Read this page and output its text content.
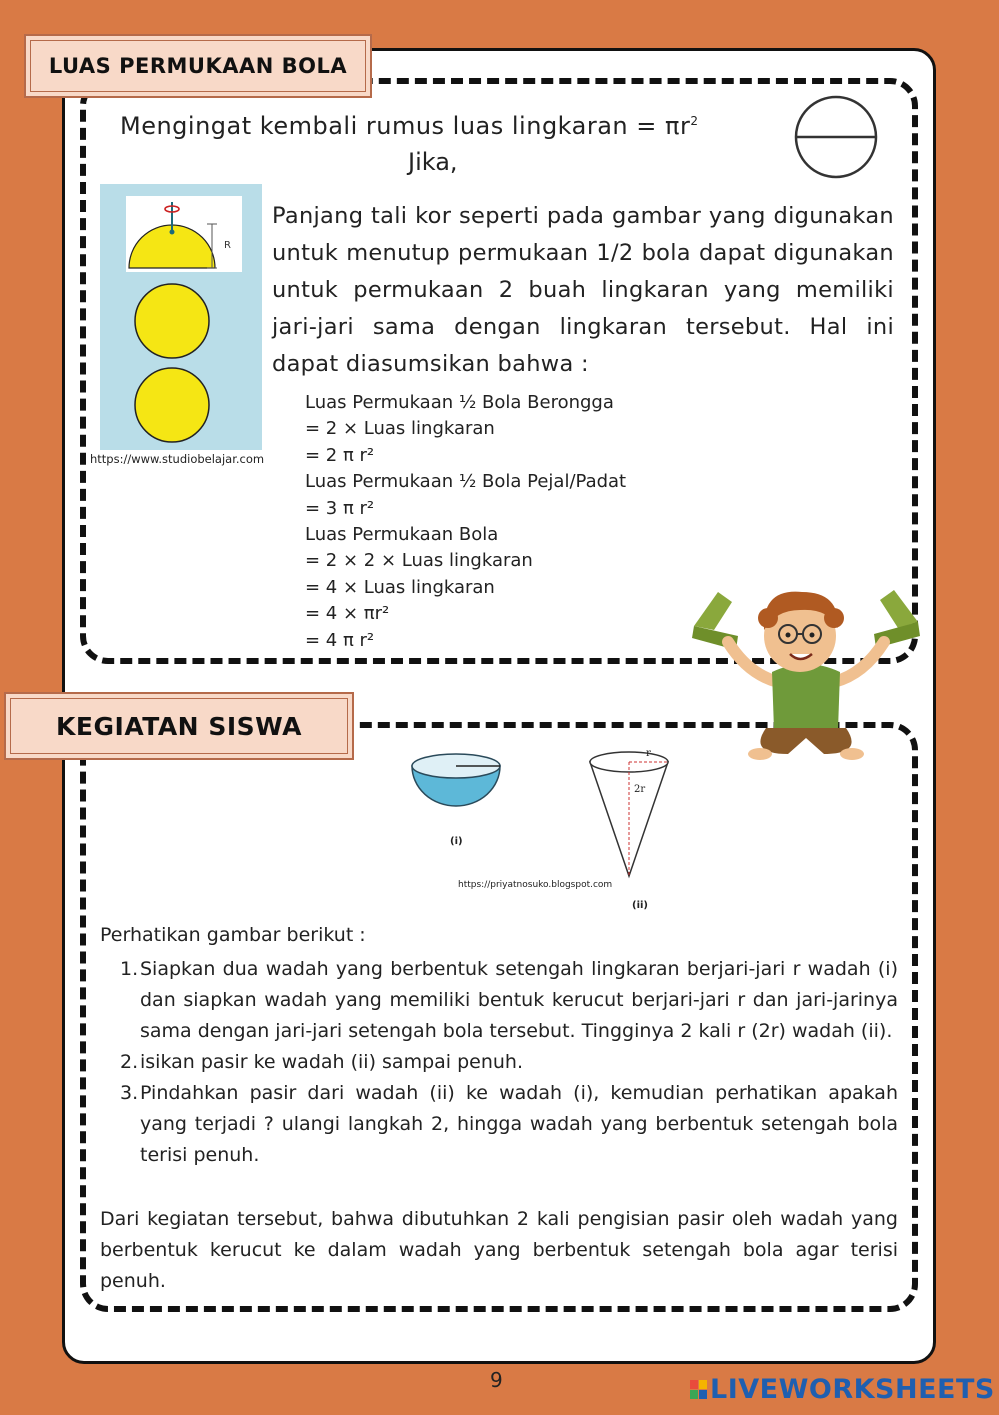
LUAS PERMUKAAN BOLA
Mengingat kembali rumus luas lingkaran = $\pi r^2$
Jika,
R
https://www.studiobelajar.com
Panjang tali kor seperti pada gambar yang digunakan untuk menutup permukaan 1/2 bola dapat digunakan untuk permukaan 2 buah lingkaran yang memiliki jari-jari sama dengan lingkaran tersebut. Hal ini dapat diasumsikan bahwa :
Luas Permukaan ½ Bola Berongga
= 2 × Luas lingkaran
= 2 π r²
Luas Permukaan ½ Bola Pejal/Padat
= 3 π r²
Luas Permukaan Bola
= 2 × 2 × Luas lingkaran
= 4 × Luas lingkaran
= 4 × πr²
= 4 π r²
KEGIATAN SISWA
(i)
r
2r
https://priyatnosuko.blogspot.com
(ii)
Perhatikan gambar berikut :
1. Siapkan dua wadah yang berbentuk setengah lingkaran berjari-jari r wadah (i) dan siapkan wadah yang memiliki bentuk kerucut berjari-jari r dan jari-jarinya sama dengan jari-jari setengah bola tersebut. Tingginya 2 kali r (2r) wadah (ii).
2. isikan pasir ke wadah (ii) sampai penuh.
3. Pindahkan pasir dari wadah (ii) ke wadah (i), kemudian perhatikan apakah yang terjadi ? ulangi langkah 2, hingga wadah yang berbentuk setengah bola terisi penuh.
Dari kegiatan tersebut, bahwa dibutuhkan 2 kali pengisian pasir oleh wadah yang berbentuk kerucut ke dalam wadah yang berbentuk setengah bola agar terisi penuh.
9	LIVEWORKSHEETS
